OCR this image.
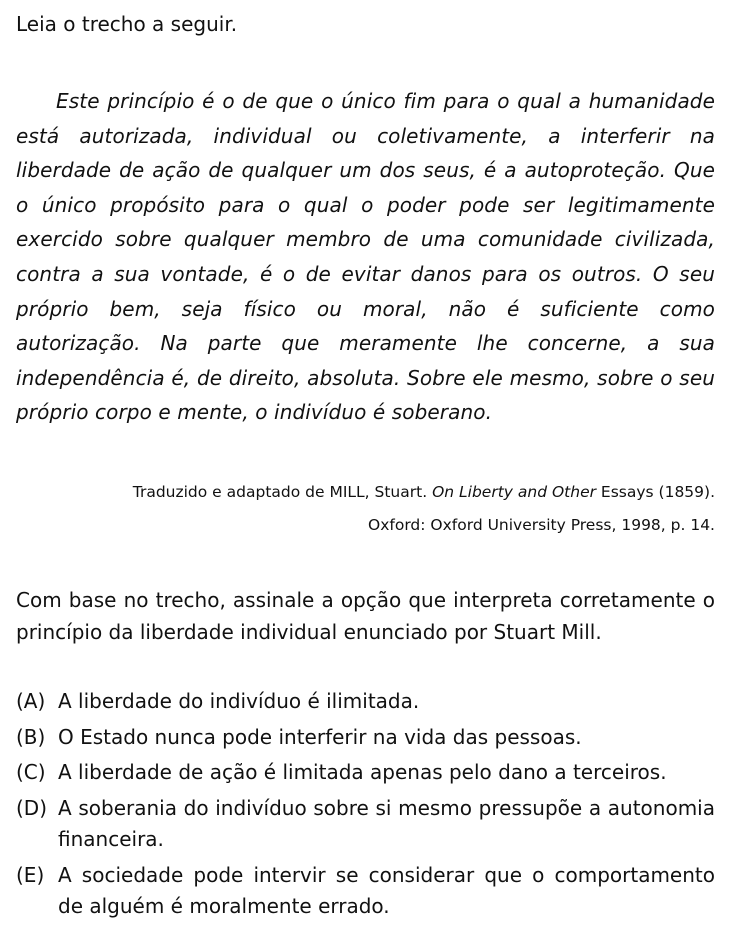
Leia o trecho a seguir.
Este princípio é o de que o único fim para o qual a humanidade está autorizada, individual ou coletivamente, a interferir na liberdade de ação de qualquer um dos seus, é a autoproteção. Que o único propósito para o qual o poder pode ser legitimamente exercido sobre qualquer membro de uma comunidade civilizada, contra a sua vontade, é o de evitar danos para os outros. O seu próprio bem, seja físico ou moral, não é suficiente como autorização. Na parte que meramente lhe concerne, a sua independência é, de direito, absoluta. Sobre ele mesmo, sobre o seu próprio corpo e mente, o indivíduo é soberano.
Traduzido e adaptado de MILL, Stuart. On Liberty and Other Essays (1859).
Oxford: Oxford University Press, 1998, p. 14.
Com base no trecho, assinale a opção que interpreta corretamente o princípio da liberdade individual enunciado por Stuart Mill.
(A) A liberdade do indivíduo é ilimitada.
(B) O Estado nunca pode interferir na vida das pessoas.
(C) A liberdade de ação é limitada apenas pelo dano a terceiros.
(D) A soberania do indivíduo sobre si mesmo pressupõe a autonomia financeira.
(E) A sociedade pode intervir se considerar que o comportamento de alguém é moralmente errado.
